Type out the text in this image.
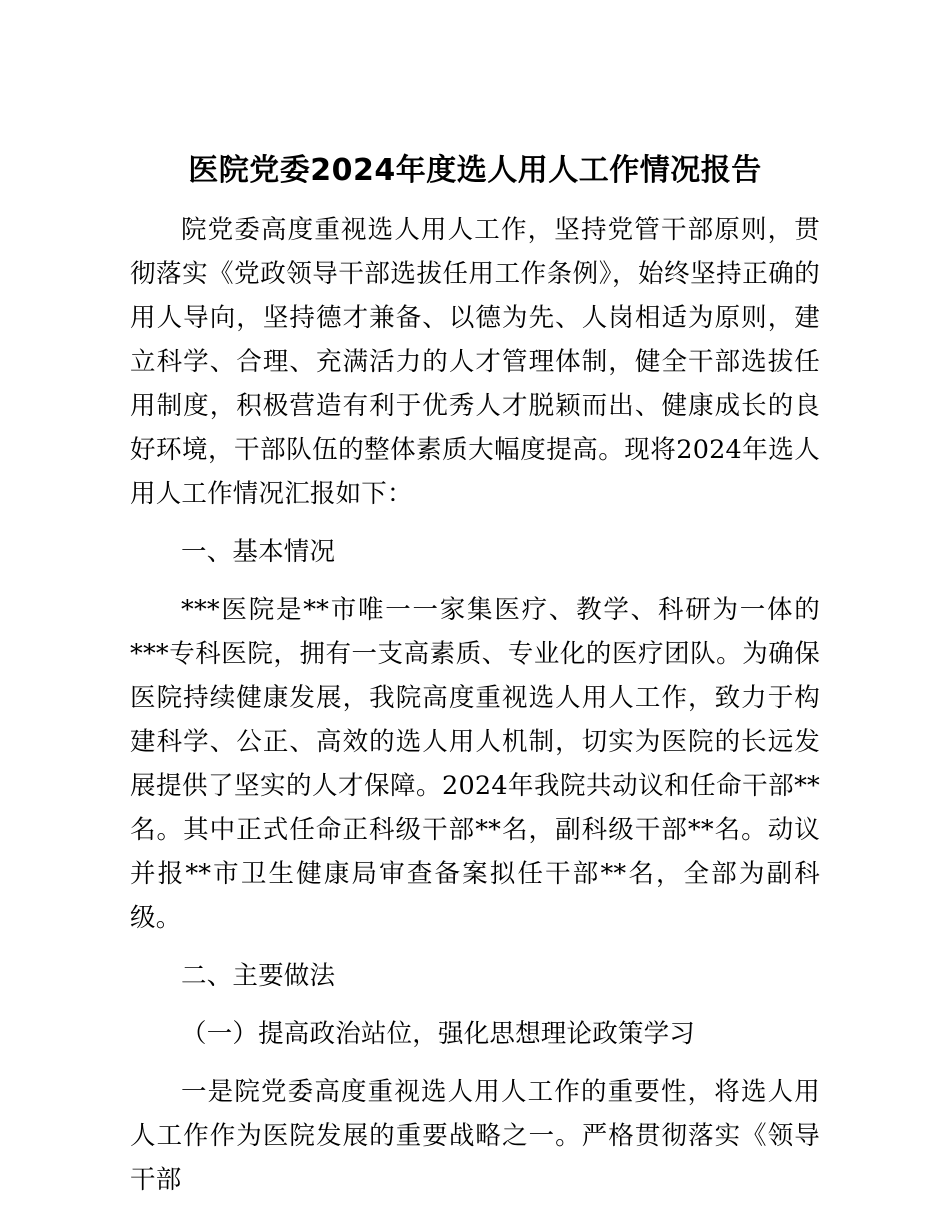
医院党委2024年度选人用人工作情况报告

院党委高度重视选人用人工作，坚持党管干部原则，贯彻落实《党政领导干部选拔任用工作条例》，始终坚持正确的用人导向，坚持德才兼备、以德为先、人岗相适为原则，建立科学、合理、充满活力的人才管理体制，健全干部选拔任用制度，积极营造有利于优秀人才脱颖而出、健康成长的良好环境，干部队伍的整体素质大幅度提高。现将2024年选人用人工作情况汇报如下：

一、基本情况

***医院是**市唯一一家集医疗、教学、科研为一体的***专科医院，拥有一支高素质、专业化的医疗团队。为确保医院持续健康发展，我院高度重视选人用人工作，致力于构建科学、公正、高效的选人用人机制，切实为医院的长远发展提供了坚实的人才保障。2024年我院共动议和任命干部**名。其中正式任命正科级干部**名，副科级干部**名。动议并报**市卫生健康局审查备案拟任干部**名，全部为副科级。

二、主要做法

（一）提高政治站位，强化思想理论政策学习

一是院党委高度重视选人用人工作的重要性，将选人用人工作作为医院发展的重要战略之一。严格贯彻落实《领导干部
